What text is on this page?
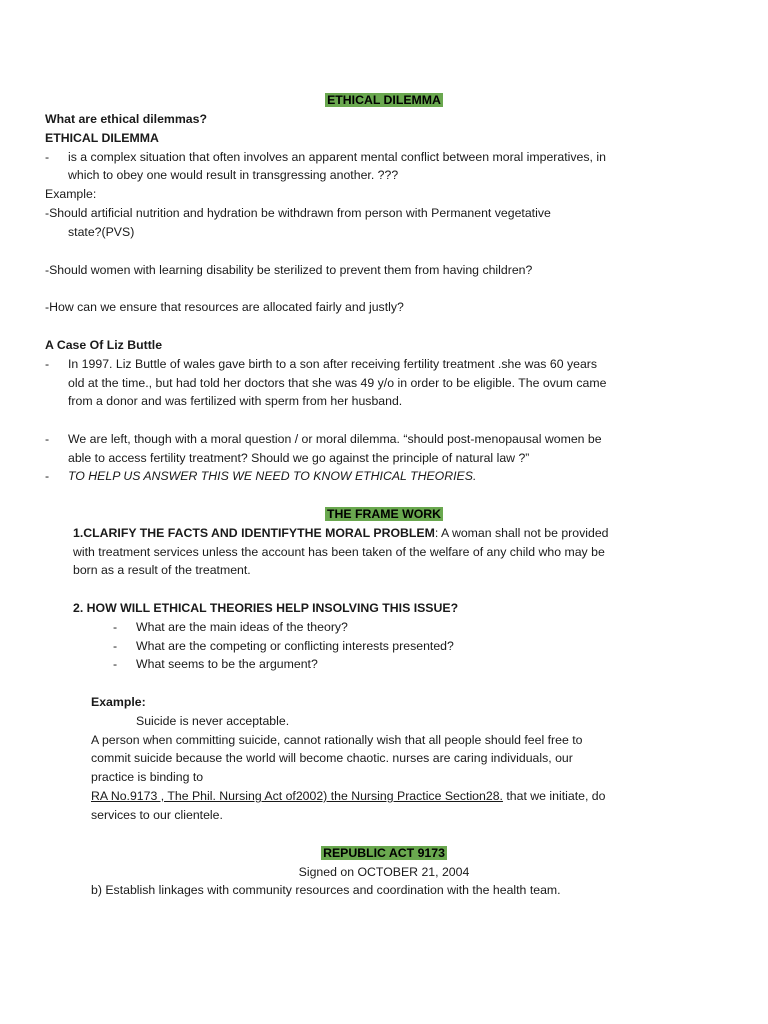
ETHICAL DILEMMA
What are ethical dilemmas?
ETHICAL DILEMMA
- is a complex situation that often involves an apparent mental conflict between moral imperatives, in
which to obey one would result in transgressing another. ???
Example:
-Should artificial nutrition and hydration be withdrawn from person with Permanent vegetative
state?(PVS)
-Should women with learning disability be sterilized to prevent them from having children?
-How can we ensure that resources are allocated fairly and justly?
A Case Of Liz Buttle
- In 1997. Liz Buttle of wales gave birth to a son after receiving fertility treatment .she was 60 years
old at the time., but had told her doctors that she was 49 y/o in order to be eligible. The ovum came
from a donor and was fertilized with sperm from her husband.
- We are left, though with a moral question / or moral dilemma. “should post-menopausal women be
able to access fertility treatment? Should we go against the principle of natural law ?”
- TO HELP US ANSWER THIS WE NEED TO KNOW ETHICAL THEORIES.
THE FRAME WORK
1.CLARIFY THE FACTS AND IDENTIFYTHE MORAL PROBLEM: A woman shall not be provided
with treatment services unless the account has been taken of the welfare of any child who may be
born as a result of the treatment.
2. HOW WILL ETHICAL THEORIES HELP INSOLVING THIS ISSUE?
- What are the main ideas of the theory?
- What are the competing or conflicting interests presented?
- What seems to be the argument?
Example:
Suicide is never acceptable.
A person when committing suicide, cannot rationally wish that all people should feel free to
commit suicide because the world will become chaotic. nurses are caring individuals, our
practice is binding to
RA No.9173 , The Phil. Nursing Act of2002) the Nursing Practice Section28. that we initiate, do
services to our clientele.
REPUBLIC ACT 9173
Signed on OCTOBER 21, 2004
b) Establish linkages with community resources and coordination with the health team.
